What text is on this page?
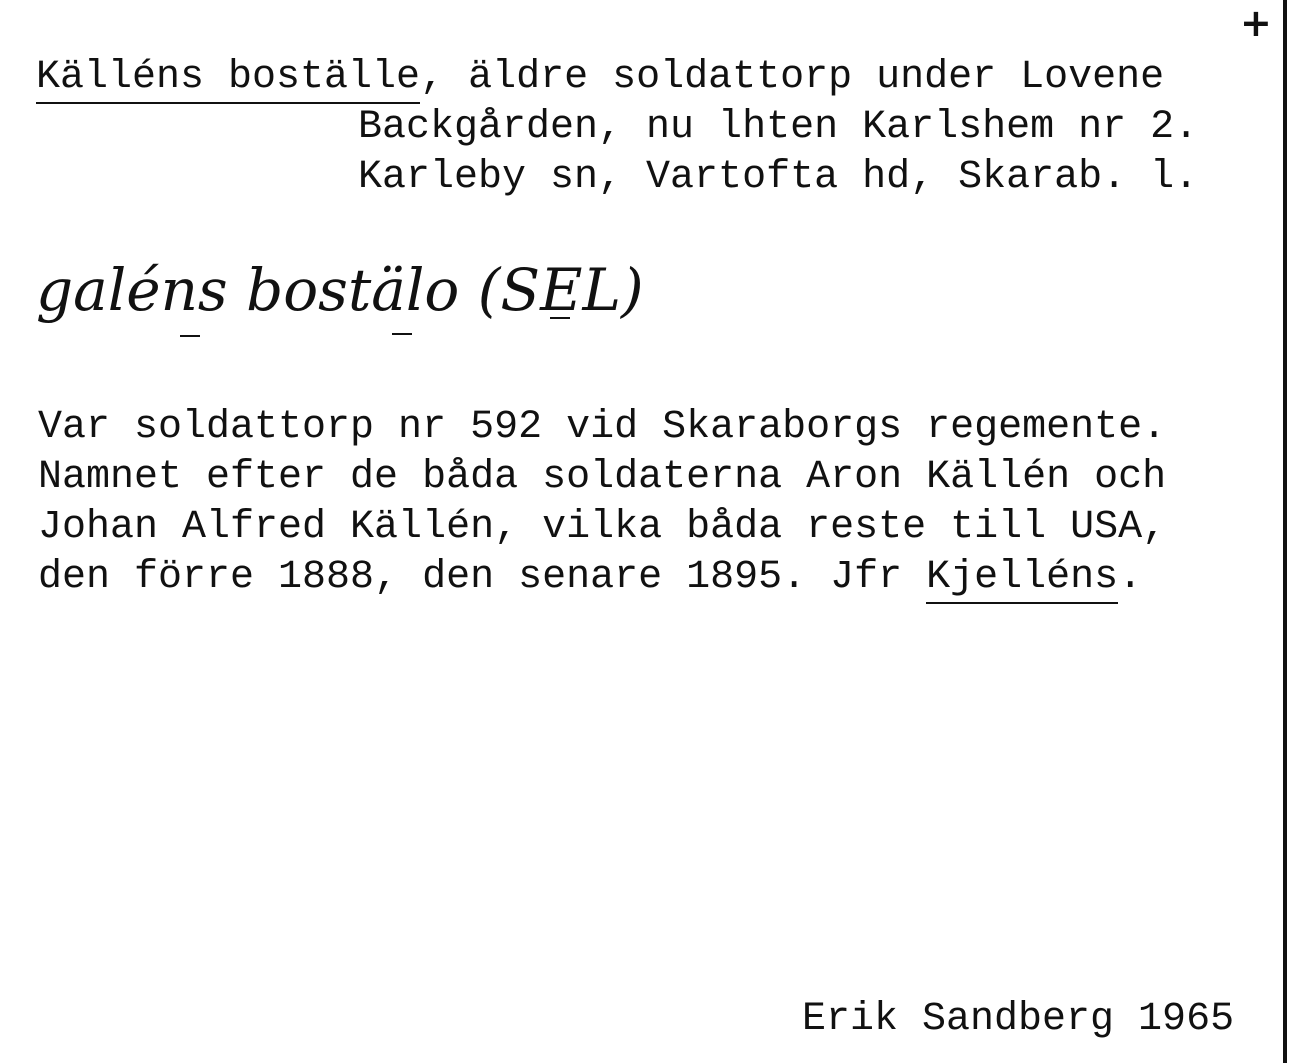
+
Källéns boställe, äldre soldattorp under Lovene
Backgården, nu lhten Karlshem nr 2.
Karleby sn, Vartofta hd, Skarab. l.
galéns bostälo (SEL)
Var soldattorp nr 592 vid Skaraborgs regemente.
Namnet efter de båda soldaterna Aron Källén och
Johan Alfred Källén, vilka båda reste till USA,
den förre 1888, den senare 1895. Jfr Kjelléns.
Erik Sandberg 1965
